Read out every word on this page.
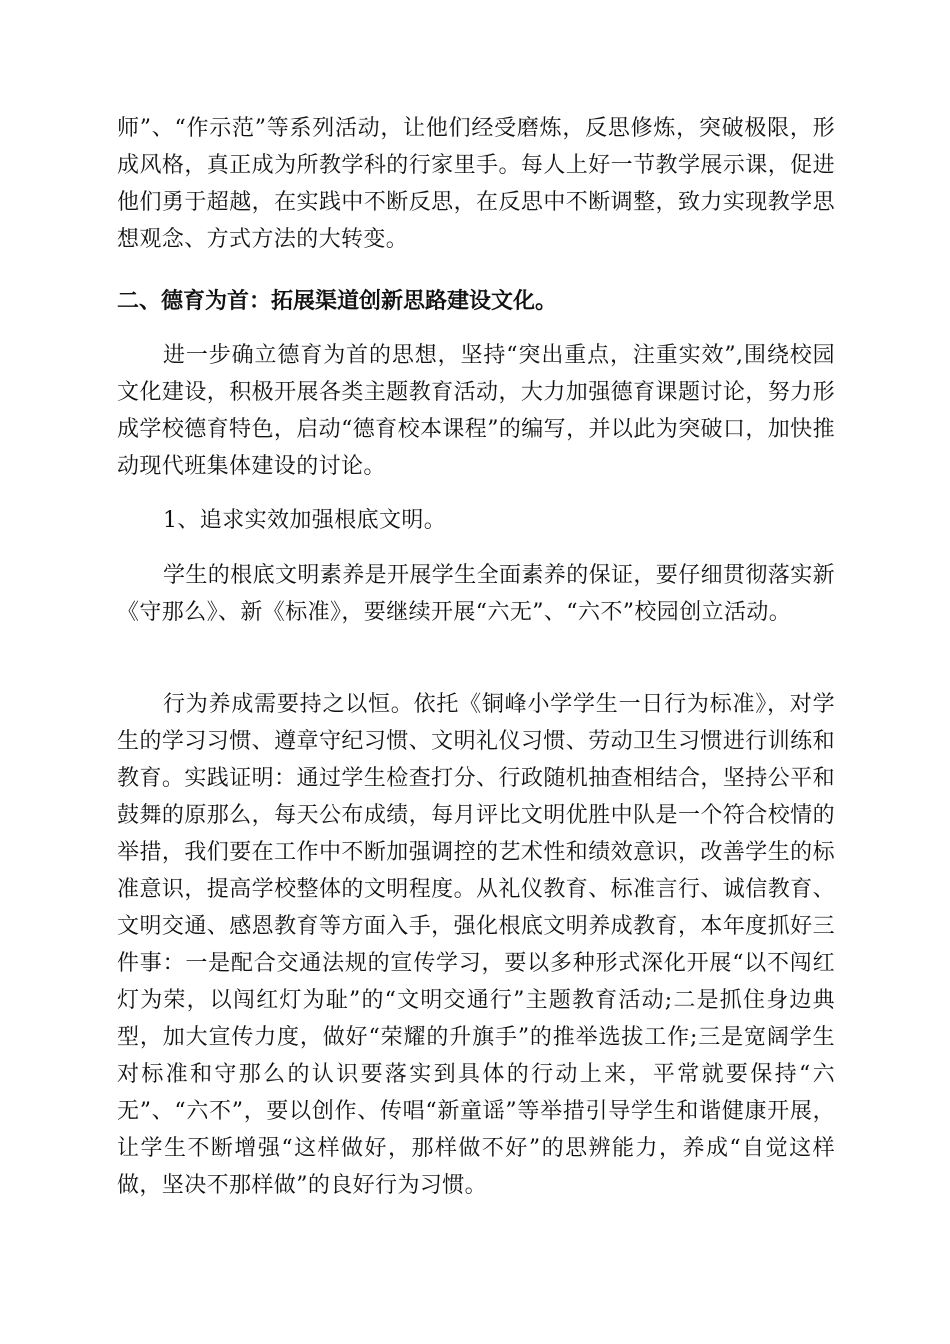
师”、“作示范”等系列活动，让他们经受磨炼，反思修炼，突破极限，形成风格，真正成为所教学科的行家里手。每人上好一节教学展示课，促进他们勇于超越，在实践中不断反思，在反思中不断调整，致力实现教学思想观念、方式方法的大转变。

二、德育为首：拓展渠道创新思路建设文化。

进一步确立德育为首的思想，坚持“突出重点，注重实效”,围绕校园文化建设，积极开展各类主题教育活动，大力加强德育课题讨论，努力形成学校德育特色，启动“德育校本课程”的编写，并以此为突破口，加快推动现代班集体建设的讨论。

1、追求实效加强根底文明。

学生的根底文明素养是开展学生全面素养的保证，要仔细贯彻落实新《守那么》、新《标准》，要继续开展“六无”、“六不”校园创立活动。

行为养成需要持之以恒。依托《铜峰小学学生一日行为标准》，对学生的学习习惯、遵章守纪习惯、文明礼仪习惯、劳动卫生习惯进行训练和教育。实践证明：通过学生检查打分、行政随机抽查相结合，坚持公平和鼓舞的原那么，每天公布成绩，每月评比文明优胜中队是一个符合校情的举措，我们要在工作中不断加强调控的艺术性和绩效意识，改善学生的标准意识，提高学校整体的文明程度。从礼仪教育、标准言行、诚信教育、文明交通、感恩教育等方面入手，强化根底文明养成教育，本年度抓好三件事：一是配合交通法规的宣传学习，要以多种形式深化开展“以不闯红灯为荣，以闯红灯为耻”的“文明交通行”主题教育活动;二是抓住身边典型，加大宣传力度，做好“荣耀的升旗手”的推举选拔工作;三是宽阔学生对标准和守那么的认识要落实到具体的行动上来，平常就要保持“六无”、“六不”，要以创作、传唱“新童谣”等举措引导学生和谐健康开展，让学生不断增强“这样做好，那样做不好”的思辨能力，养成“自觉这样做，坚决不那样做”的良好行为习惯。
